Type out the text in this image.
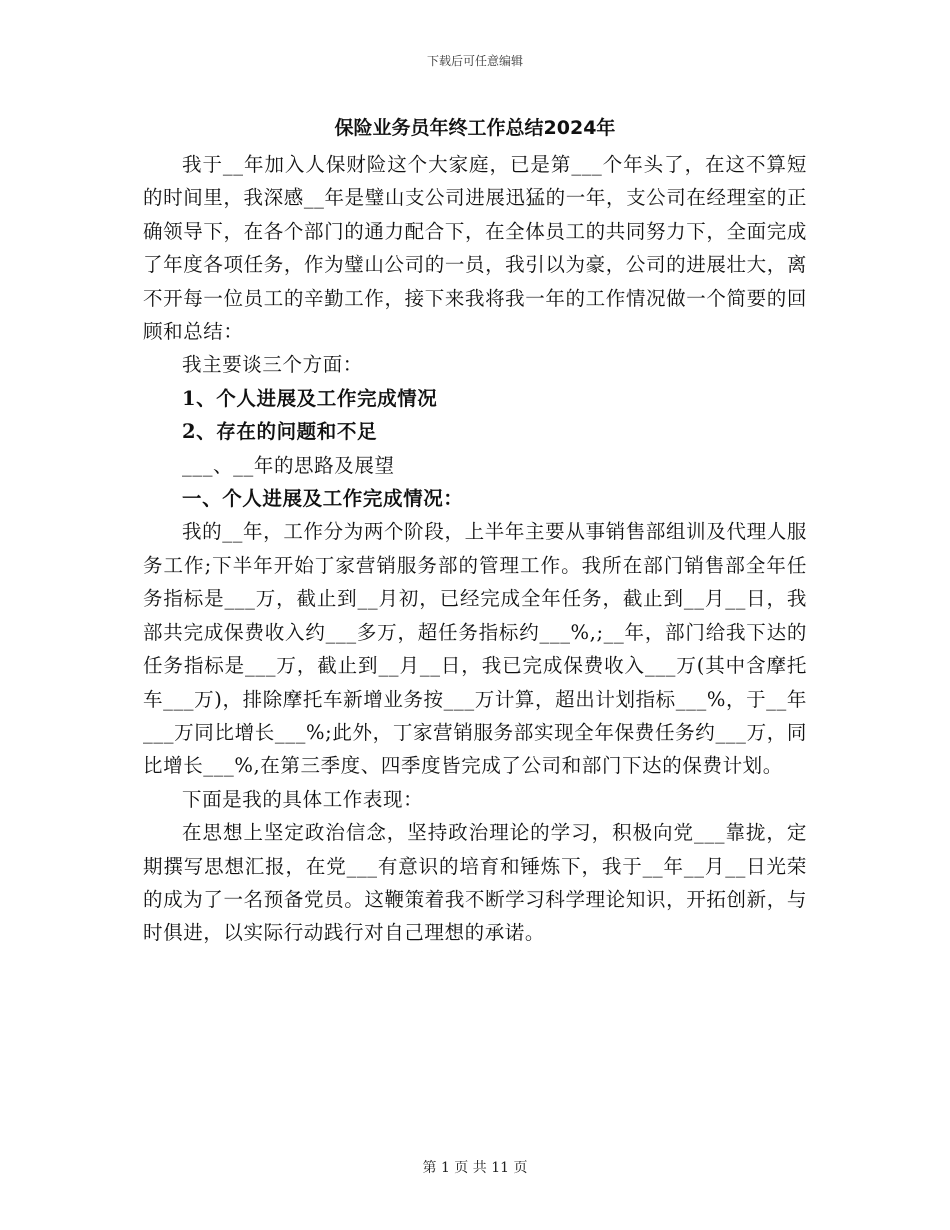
下载后可任意编辑
保险业务员年终工作总结2024年

我于__年加入人保财险这个大家庭，已是第___个年头了，在这不算短的时间里，我深感__年是璧山支公司进展迅猛的一年，支公司在经理室的正确领导下，在各个部门的通力配合下，在全体员工的共同努力下，全面完成了年度各项任务，作为璧山公司的一员，我引以为豪，公司的进展壮大，离不开每一位员工的辛勤工作，接下来我将我一年的工作情况做一个简要的回顾和总结：

我主要谈三个方面：

1、个人进展及工作完成情况

2、存在的问题和不足

___、__年的思路及展望

一、个人进展及工作完成情况：

我的__年，工作分为两个阶段，上半年主要从事销售部组训及代理人服务工作;下半年开始丁家营销服务部的管理工作。我所在部门销售部全年任务指标是___万，截止到__月初，已经完成全年任务，截止到__月__日，我部共完成保费收入约___多万，超任务指标约___%,;__年，部门给我下达的任务指标是___万，截止到__月__日，我已完成保费收入___万(其中含摩托车___万)，排除摩托车新增业务按___万计算，超出计划指标___%，于__年___万同比增长___%;此外，丁家营销服务部实现全年保费任务约___万，同比增长___%,在第三季度、四季度皆完成了公司和部门下达的保费计划。

下面是我的具体工作表现：

在思想上坚定政治信念，坚持政治理论的学习，积极向党___靠拢，定期撰写思想汇报，在党___有意识的培育和锤炼下，我于__年__月__日光荣的成为了一名预备党员。这鞭策着我不断学习科学理论知识，开拓创新，与时俱进，以实际行动践行对自己理想的承诺。

第 1 页 共 11 页
